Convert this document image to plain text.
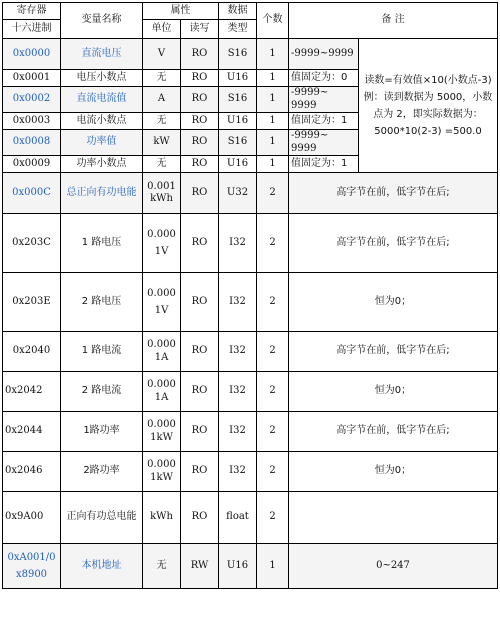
寄存器	变量名称	属性		数据	个数	备 注	
十六进制		单位	读写	类型			
0x0000	直流电压	V	RO	S16	1	-9999~9999	读数=有效值×10(小数点-3)例：读到数据为 5000，小数点为 2，即实际数据为：5000*10(2-3) =500.0
0x0001	电压小数点	无	RO	U16	1	值固定为：0	
0x0002	直流电流值	A	RO	S16	1	-9999~ 9999	
0x0003	电流小数点	无	RO	U16	1	值固定为：1	
0x0008	功率值	kW	RO	S16	1	-9999~ 9999	
0x0009	功率小数点	无	RO	U16	1	值固定为：1	
0x000C	总正向有功电能	0.001kWh	RO	U32	2	高字节在前，低字节在后;	
0x203C	1 路电压	0.0001V	RO	I32	2	高字节在前，低字节在后;	
0x203E	2 路电压	0.0001V	RO	I32	2	恒为0；	
0x2040	1 路电流	0.0001A	RO	I32	2	高字节在前，低字节在后;	
0x2042	2 路电流	0.0001A	RO	I32	2	恒为0；	
0x2044	1路功率	0.0001kW	RO	I32	2	高字节在前，低字节在后;	
0x2046	2路功率	0.0001kW	RO	I32	2	恒为0；	
0x9A00	正向有功总电能	kWh	RO	float	2		
0xA001/0x8900	本机地址	无	RW	U16	1	0~247	
